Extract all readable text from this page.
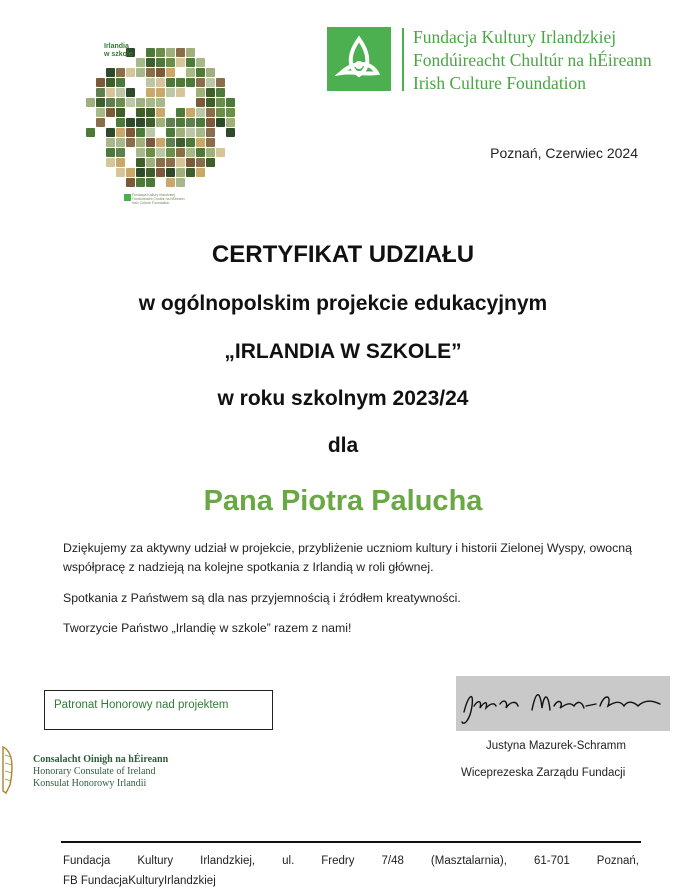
Irlandia w szkole
Fundacja Kultury Irlandzkiej Fondúireacht Chultúr na hÉireann Irish Culture Foundation
Fundacja Kultury Irlandzkiej
Fondúireacht Chultúr na hÉireann
Irish Culture Foundation
Poznań, Czerwiec 2024
CERTYFIKAT UDZIAŁU
w ogólnopolskim projekcie edukacyjnym
„IRLANDIA W SZKOLE”
w roku szkolnym 2023/24
dla
Pana Piotra Palucha
Dziękujemy za aktywny udział w projekcie, przybliżenie uczniom kultury i historii Zielonej Wyspy, owocną współpracę z nadzieją na kolejne spotkania z Irlandią w roli głównej.
Spotkania z Państwem są dla nas przyjemnością i źródłem kreatywności.
Tworzycie Państwo „Irlandię w szkole” razem z nami!
Patronat Honorowy nad projektem
Consalacht Oinigh na hÉireann
Honorary Consulate of Ireland
Konsulat Honorowy Irlandii
Justyna Mazurek-Schramm
Wiceprezeska Zarządu Fundacji
Fundacja Kultury Irlandzkiej, ul. Fredry 7/48 (Masztalarnia), 61-701 Poznań,
FB FundacjaKulturyIrlandzkiej
